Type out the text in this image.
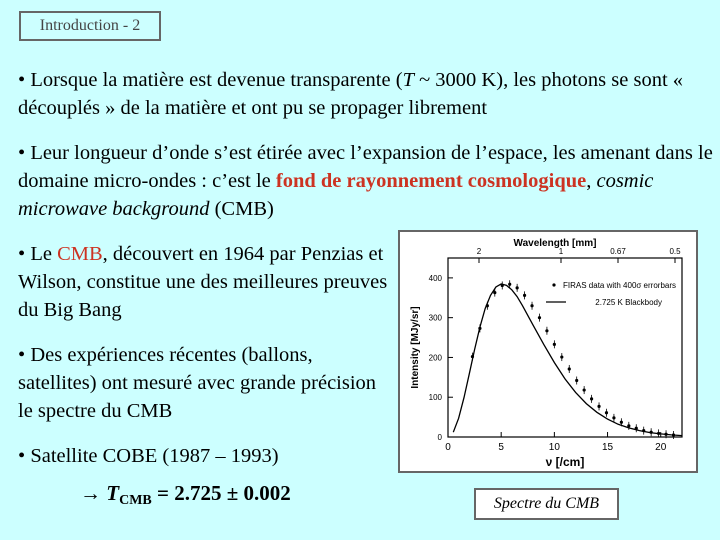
Introduction - 2

• Lorsque la matière est devenue transparente (T ~ 3000 K), les photons se sont « découplés » de la matière et ont pu se propager librement

• Leur longueur d’onde s’est étirée avec l’expansion de l’espace, les amenant dans le domaine micro-ondes : c’est le fond de rayonnement cosmologique, cosmic microwave background (CMB)

• Le CMB, découvert en 1964 par Penzias et Wilson, constitue une des meilleures preuves du Big Bang

• Des expériences récentes (ballons, satellites) ont mesuré avec grande précision le spectre du CMB

• Satellite COBE (1987 – 1993)

→ $T_{CMB} = 2.725 \pm 0.002$
5	10	15	20
0
0
100
200
300
400
2	1	0.67	0.5
Wavelength [mm]
ν [/cm]
Intensity [MJy/sr]
FIRAS data with 400σ errorbars
2.725 K Blackbody
Spectre du CMB
